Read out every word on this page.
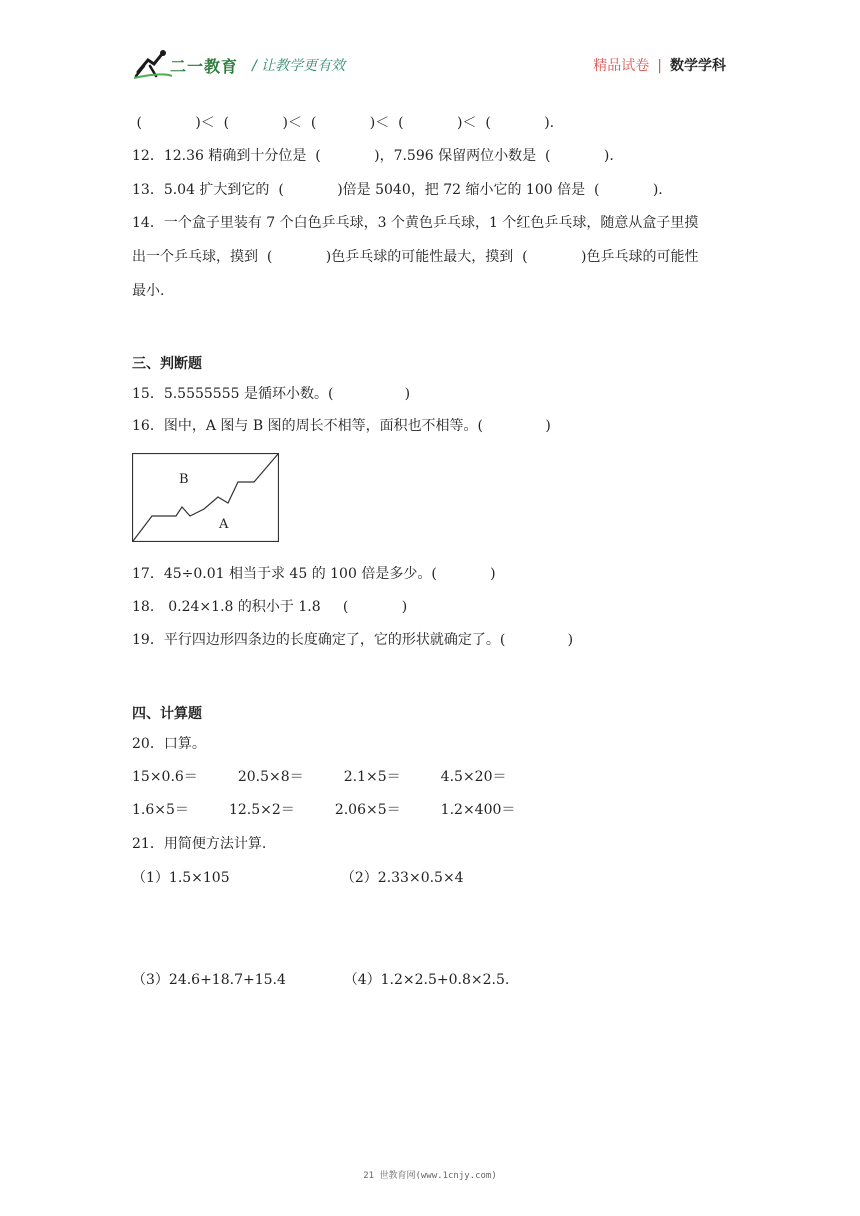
二一教育 / 让教学更有效	精品试卷 | 数学学科
(            )＜  (            )＜  (            )＜  (            )＜  (            ).
12．12.36 精确到十分位是  (            )，7.596 保留两位小数是  (            ).
13．5.04 扩大到它的  (            )倍是 5040，把 72 缩小它的 100 倍是  (            ).
14．一个盒子里装有 7 个白色乒乓球，3 个黄色乒乓球，1 个红色乒乓球，随意从盒子里摸
出一个乒乓球，摸到  (            )色乒乓球的可能性最大，摸到  (            )色乒乓球的可能性
最小.
三、判断题
15．5.5555555 是循环小数。(                )
16．图中，A 图与 B 图的周长不相等，面积也不相等。(              )
B
A
17．45÷0.01 相当于求 45 的 100 倍是多少。(            )
18． 0.24×1.8 的积小于 1.8     (            )
19．平行四边形四条边的长度确定了，它的形状就确定了。(              )
四、计算题
20．口算。
15×0.6＝         20.5×8＝         2.1×5＝         4.5×20＝
1.6×5＝         12.5×2＝         2.06×5＝         1.2×400＝
21．用简便方法计算.
（1）1.5×105                         （2）2.33×0.5×4
（3）24.6+18.7+15.4             （4）1.2×2.5+0.8×2.5.
21 世教育网(www.1cnjy.com)
